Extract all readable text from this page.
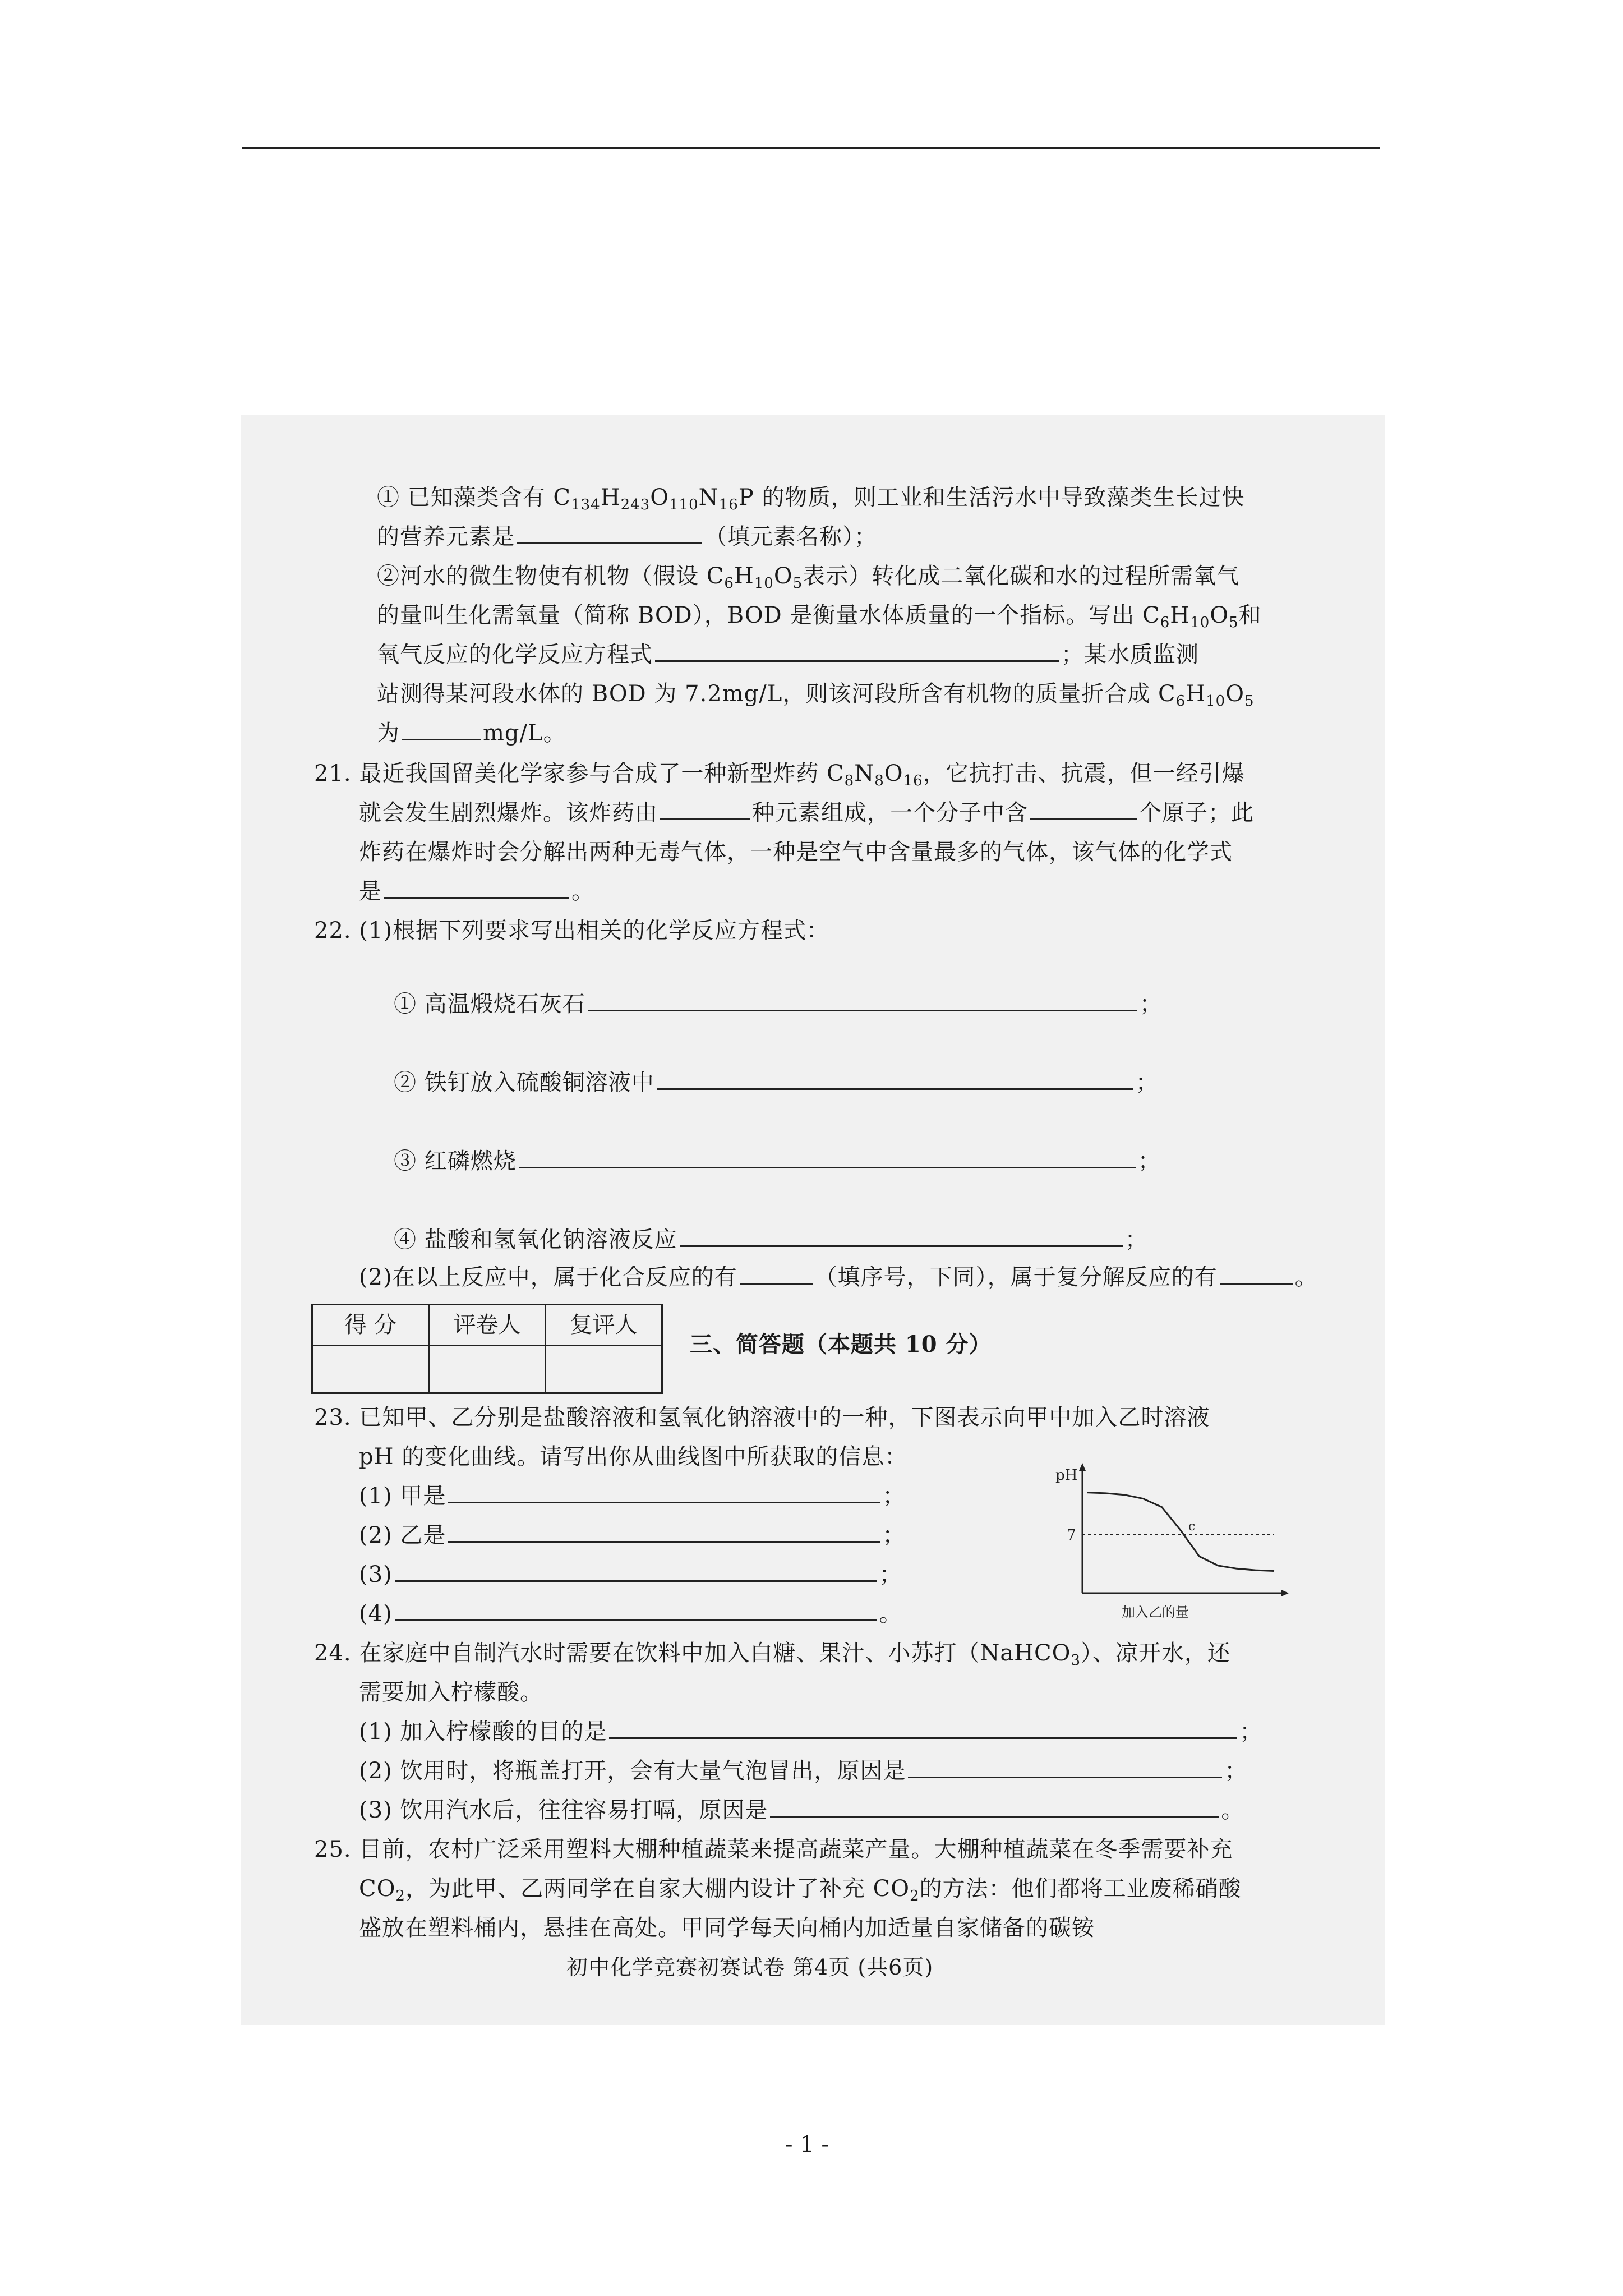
① 已知藻类含有 $C_{134}H_{243}O_{110}N_{16}P$ 的物质，则工业和生活污水中导致藻类生长过快
的营养元素是	（填元素名称）；
②河水的微生物使有机物（假设 $C_6H_{10}O_5$表示）转化成二氧化碳和水的过程所需氧气
的量叫生化需氧量（简称 BOD），BOD 是衡量水体质量的一个指标。写出 $C_6H_{10}O_5$和
氧气反应的化学反应方程式	；某水质监测
站测得某河段水体的 BOD 为 7.2mg/L，则该河段所含有机物的质量折合成 $C_6H_{10}O_5$
为	mg/L。
21. 最近我国留美化学家参与合成了一种新型炸药 $C_8N_8O_{16}$，它抗打击、抗震，但一经引爆
就会发生剧烈爆炸。该炸药由	种元素组成，一个分子中含	个原子；此
炸药在爆炸时会分解出两种无毒气体，一种是空气中含量最多的气体，该气体的化学式
是	。
22. (1)根据下列要求写出相关的化学反应方程式：
① 高温煅烧石灰石	；
② 铁钉放入硫酸铜溶液中	；
③ 红磷燃烧	；
④ 盐酸和氢氧化钠溶液反应	；
(2)在以上反应中，属于化合反应的有	（填序号，下同），属于复分解反应的有	。
得 分	评卷人	复评人

三、简答题（本题共 10 分）
23. 已知甲、乙分别是盐酸溶液和氢氧化钠溶液中的一种，下图表示向甲中加入乙时溶液
pH 的变化曲线。请写出你从曲线图中所获取的信息：
(1) 甲是	；
(2) 乙是	；
(3)	；
(4)	。
pH
7
c
加入乙的量
24. 在家庭中自制汽水时需要在饮料中加入白糖、果汁、小苏打（NaHCO$_3$）、凉开水，还
需要加入柠檬酸。
(1) 加入柠檬酸的目的是	；
(2) 饮用时，将瓶盖打开，会有大量气泡冒出，原因是	；
(3) 饮用汽水后，往往容易打嗝，原因是	。
25. 目前，农村广泛采用塑料大棚种植蔬菜来提高蔬菜产量。大棚种植蔬菜在冬季需要补充
$CO_2$，为此甲、乙两同学在自家大棚内设计了补充 $CO_2$的方法：他们都将工业废稀硝酸
盛放在塑料桶内，悬挂在高处。甲同学每天向桶内加适量自家储备的碳铵
初中化学竞赛初赛试卷 第4页 (共6页)
- 1 -
